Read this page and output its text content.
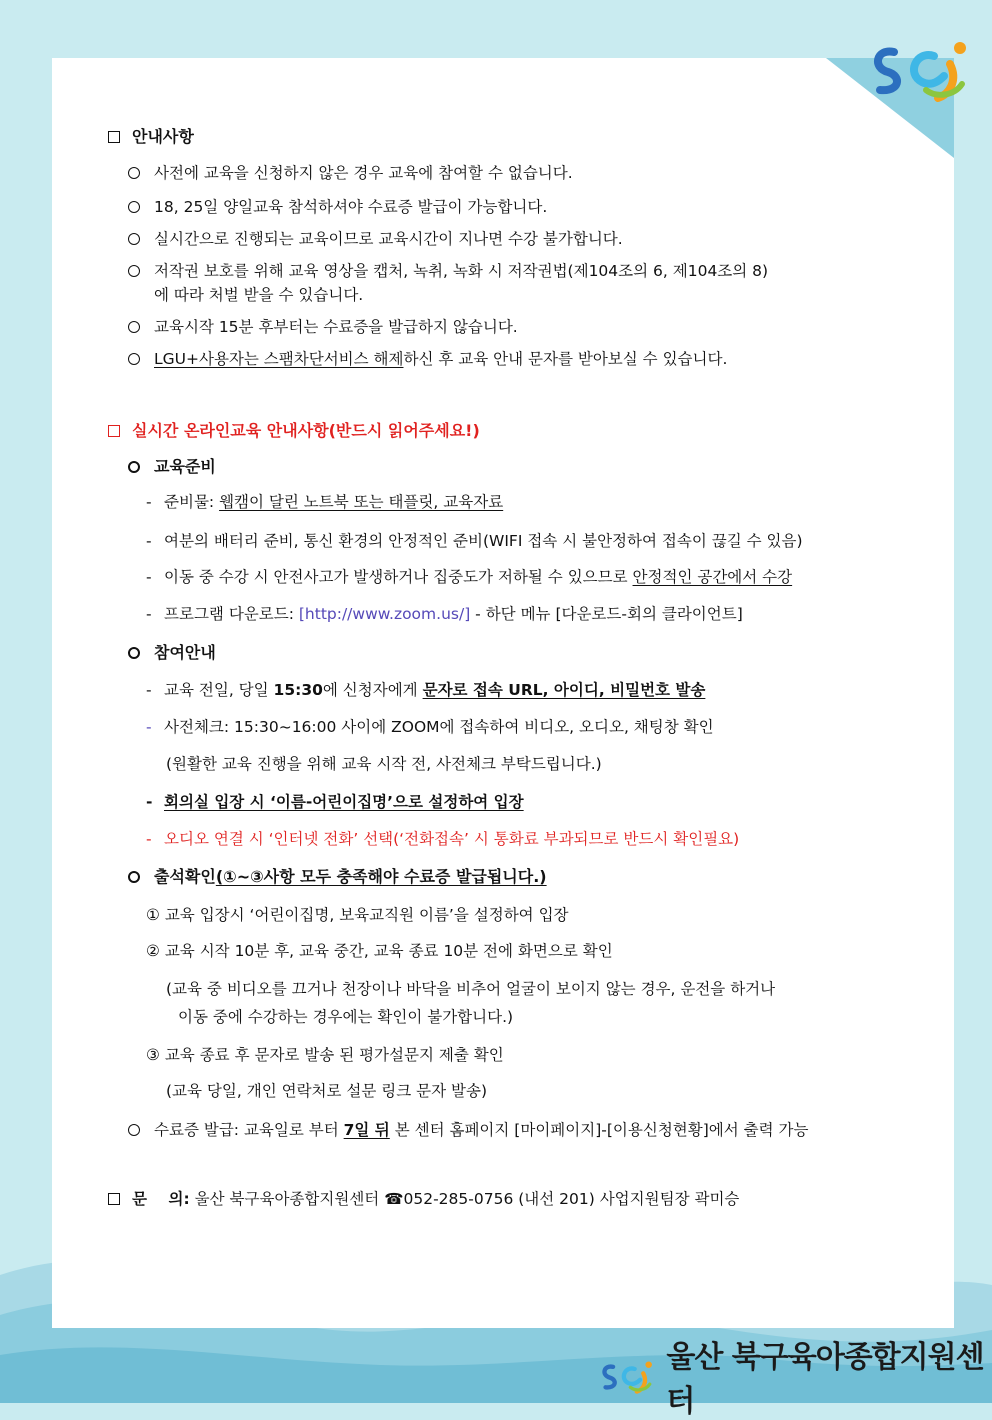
안내사항
사전에 교육을 신청하지 않은 경우 교육에 참여할 수 없습니다.
18, 25일 양일교육 참석하셔야 수료증 발급이 가능합니다.
실시간으로 진행되는 교육이므로 교육시간이 지나면 수강 불가합니다.
저작권 보호를 위해 교육 영상을 캡처, 녹취, 녹화 시 저작권법(제104조의 6, 제104조의 8)
에 따라 처벌 받을 수 있습니다.
교육시작 15분 후부터는 수료증을 발급하지 않습니다.
LGU+사용자는 스팸차단서비스 해제하신 후 교육 안내 문자를 받아보실 수 있습니다.
실시간 온라인교육 안내사항(반드시 읽어주세요!)
교육준비
- 준비물: 웹캠이 달린 노트북 또는 태플릿, 교육자료
- 여분의 배터리 준비, 통신 환경의 안정적인 준비(WIFI 접속 시 불안정하여 접속이 끊길 수 있음)
- 이동 중 수강 시 안전사고가 발생하거나 집중도가 저하될 수 있으므로 안정적인 공간에서 수강
- 프로그램 다운로드: [http://www.zoom.us/] - 하단 메뉴 [다운로드-회의 클라이언트]
참여안내
- 교육 전일, 당일 15:30에 신청자에게 문자로 접속 URL, 아이디, 비밀번호 발송
- 사전체크: 15:30~16:00 사이에 ZOOM에 접속하여 비디오, 오디오, 채팅창 확인
(원활한 교육 진행을 위해 교육 시작 전, 사전체크 부탁드립니다.)
- 회의실 입장 시 ‘이름-어린이집명’으로 설정하여 입장
- 오디오 연결 시 ‘인터넷 전화’ 선택(‘전화접속’ 시 통화료 부과되므로 반드시 확인필요)
출석확인(①~③사항 모두 충족해야 수료증 발급됩니다.)
① 교육 입장시 ‘어린이집명, 보육교직원 이름’을 설정하여 입장
② 교육 시작 10분 후, 교육 중간, 교육 종료 10분 전에 화면으로 확인
(교육 중 비디오를 끄거나 천장이나 바닥을 비추어 얼굴이 보이지 않는 경우, 운전을 하거나
이동 중에 수강하는 경우에는 확인이 불가합니다.)
③ 교육 종료 후 문자로 발송 된 평가설문지 제출 확인
(교육 당일, 개인 연락처로 설문 링크 문자 발송)
수료증 발급: 교육일로 부터 7일 뒤 본 센터 홈페이지 [마이페이지]-[이용신청현황]에서 출력 가능
문    의: 울산 북구육아종합지원센터 ☎052-285-0756 (내선 201) 사업지원팀장 곽미승
울산 북구육아종합지원센터
